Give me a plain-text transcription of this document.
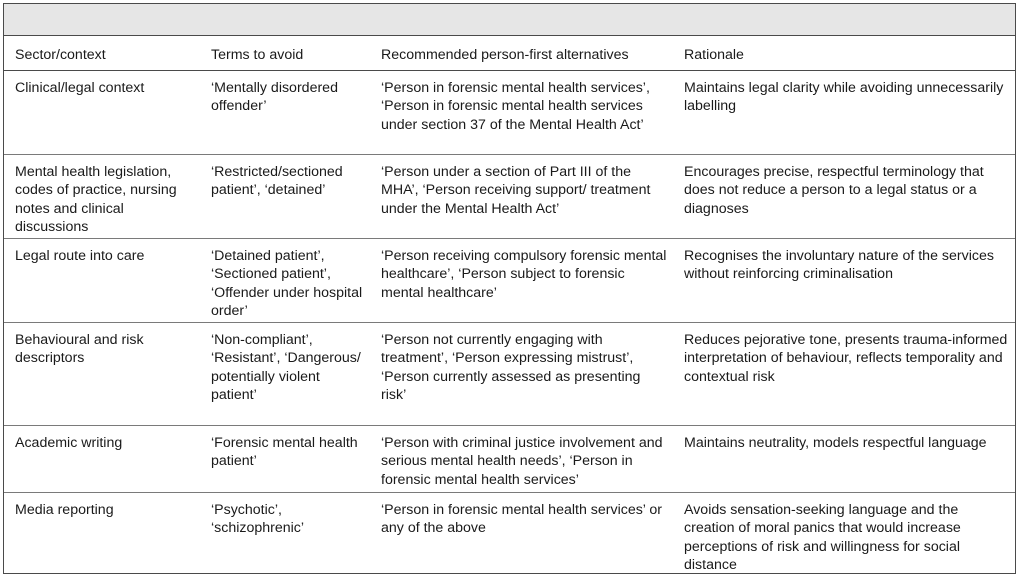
Sector/context	Terms to avoid	Recommended person-first alternatives	Rationale
Clinical/legal context	‘Mentally disordered offender’	‘Person in forensic mental health services’, ‘Person in forensic mental health services under section 37 of the Mental Health Act’	Maintains legal clarity while avoiding unnecessarily labelling
Mental health legislation, codes of practice, nursing notes and clinical discussions	‘Restricted/sectioned patient’, ‘detained’	‘Person under a section of Part III of the MHA’, ‘Person receiving support/ treatment under the Mental Health Act’	Encourages precise, respectful terminology that does not reduce a person to a legal status or a diagnoses
Legal route into care	‘Detained patient’, ‘Sectioned patient’, ‘Offender under hospital order’	‘Person receiving compulsory forensic mental healthcare’, ‘Person subject to forensic mental healthcare’	Recognises the involuntary nature of the services without reinforcing criminalisation
Behavioural and risk descriptors	‘Non-compliant’, ‘Resistant’, ‘Dangerous/ potentially violent patient’	‘Person not currently engaging with treatment’, ‘Person expressing mistrust’, ‘Person currently assessed as presenting risk’	Reduces pejorative tone, presents trauma-informed interpretation of behaviour, reflects temporality and contextual risk
Academic writing	‘Forensic mental health patient’	‘Person with criminal justice involvement and serious mental health needs’, ‘Person in forensic mental health services’	Maintains neutrality, models respectful language
Media reporting	‘Psychotic’, ‘schizophrenic’	‘Person in forensic mental health services’ or any of the above	Avoids sensation-seeking language and the creation of moral panics that would increase perceptions of risk and willingness for social distance
